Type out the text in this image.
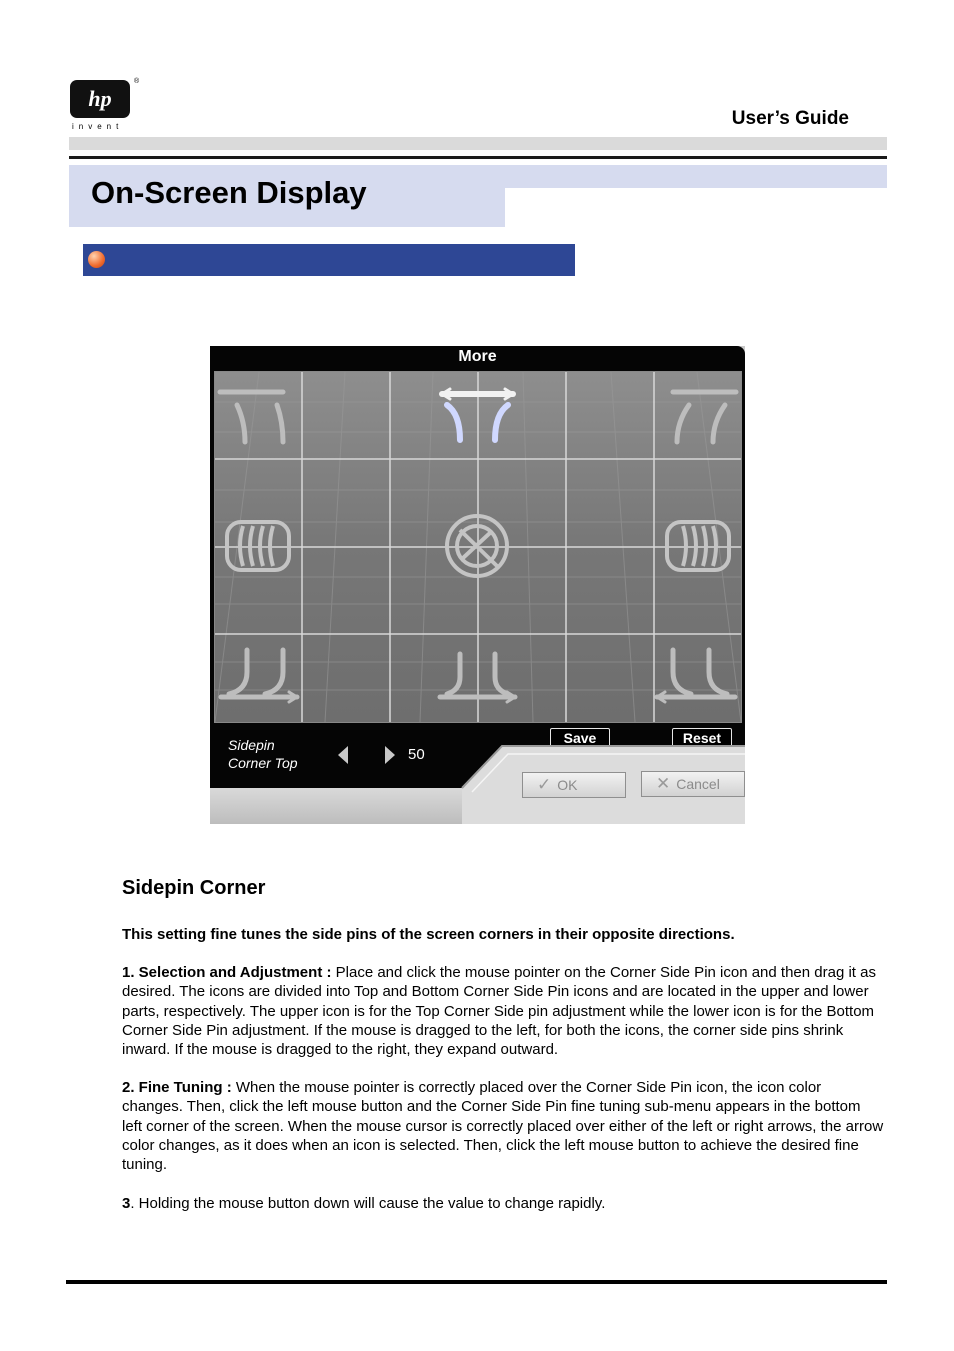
hp
®
invent	User’s Guide
On-Screen Display
More
Save	Reset
Sidepin
Corner Top	50
✓ OK	✕ Cancel
Sidepin Corner

This setting fine tunes the side pins of the screen corners in their opposite directions.

1. Selection and Adjustment : Place and click the mouse pointer on the Corner Side Pin icon and then drag it as desired. The icons are divided into Top and Bottom Corner Side Pin icons and are located in the upper and lower parts, respectively. The upper icon is for the Top Corner Side pin adjustment while the lower icon is for the Bottom Corner Side Pin adjustment. If the mouse is dragged to the left, for both the icons, the corner side pins shrink inward. If the mouse is dragged to the right, they expand outward.

2. Fine Tuning : When the mouse pointer is correctly placed over the Corner Side Pin icon, the icon color changes. Then, click the left mouse button and the Corner Side Pin fine tuning sub-menu appears in the bottom left corner of the screen. When the mouse cursor is correctly placed over either of the left or right arrows, the arrow color changes, as it does when an icon is selected. Then, click the left mouse button to achieve the desired fine tuning.

3. Holding the mouse button down will cause the value to change rapidly.
